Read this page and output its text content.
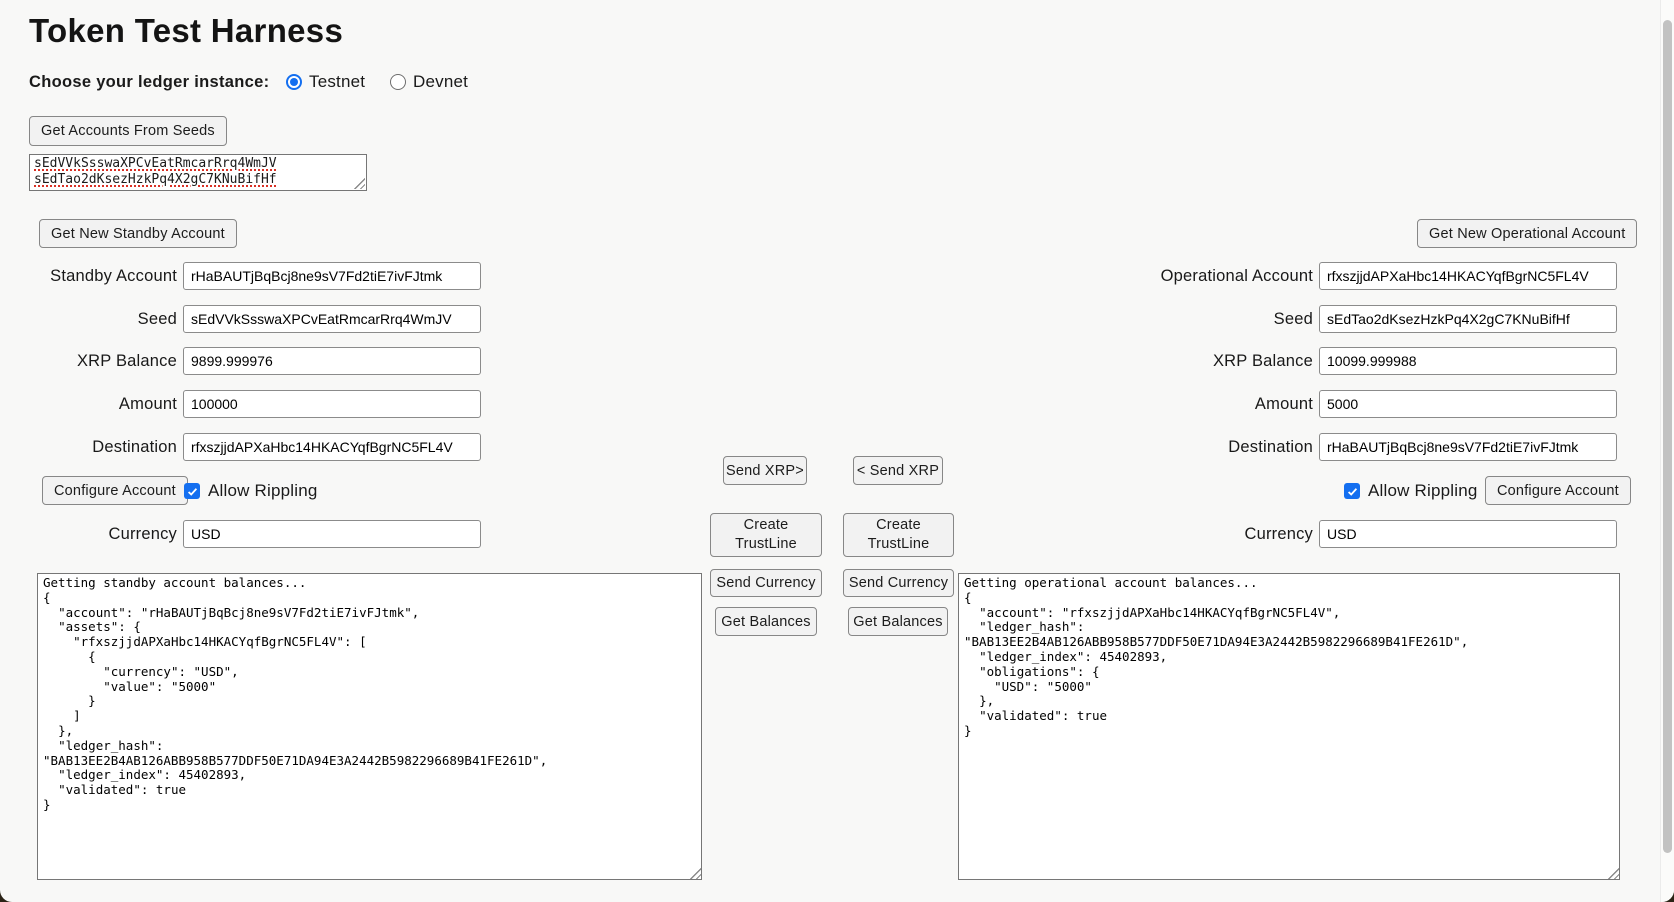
Token Test Harness
Choose your ledger instance: Testnet	Devnet
Get Accounts From Seeds
sEdVVkSsswaXPCvEatRmcarRrq4WmJV
sEdTao2dKsezHzkPq4X2gC7KNuBifHf
Get New Standby Account
Standby Account
rHaBAUTjBqBcj8ne9sV7Fd2tiE7ivFJtmk
Seed
sEdVVkSsswaXPCvEatRmcarRrq4WmJV
XRP Balance
9899.999976
Amount
100000
Destination
rfxszjjdAPXaHbc14HKACYqfBgrNC5FL4V
Configure Account	Allow Rippling
Currency
USD
Getting standby account balances... { "account": "rHaBAUTjBqBcj8ne9sV7Fd2tiE7ivFJtmk", "assets": { "rfxszjjdAPXaHbc14HKACYqfBgrNC5FL4V": [ { "currency": "USD", "value": "5000" } ] }, "ledger_hash": "BAB13EE2B4AB126ABB958B577DDF50E71DA94E3A2442B5982296689B41FE261D", "ledger_index": 45402893, "validated": true }
Send XRP>	< Send XRP
Create TrustLine
Create TrustLine
Send Currency	Send Currency
Get Balances	Get Balances
Get New Operational Account
Operational Account
rfxszjjdAPXaHbc14HKACYqfBgrNC5FL4V
Seed
sEdTao2dKsezHzkPq4X2gC7KNuBifHf
XRP Balance
10099.999988
Amount
5000
Destination
rHaBAUTjBqBcj8ne9sV7Fd2tiE7ivFJtmk
Allow Rippling	Configure Account
Currency
USD
Getting operational account balances... { "account": "rfxszjjdAPXaHbc14HKACYqfBgrNC5FL4V", "ledger_hash": "BAB13EE2B4AB126ABB958B577DDF50E71DA94E3A2442B5982296689B41FE261D", "ledger_index": 45402893, "obligations": { "USD": "5000" }, "validated": true }
